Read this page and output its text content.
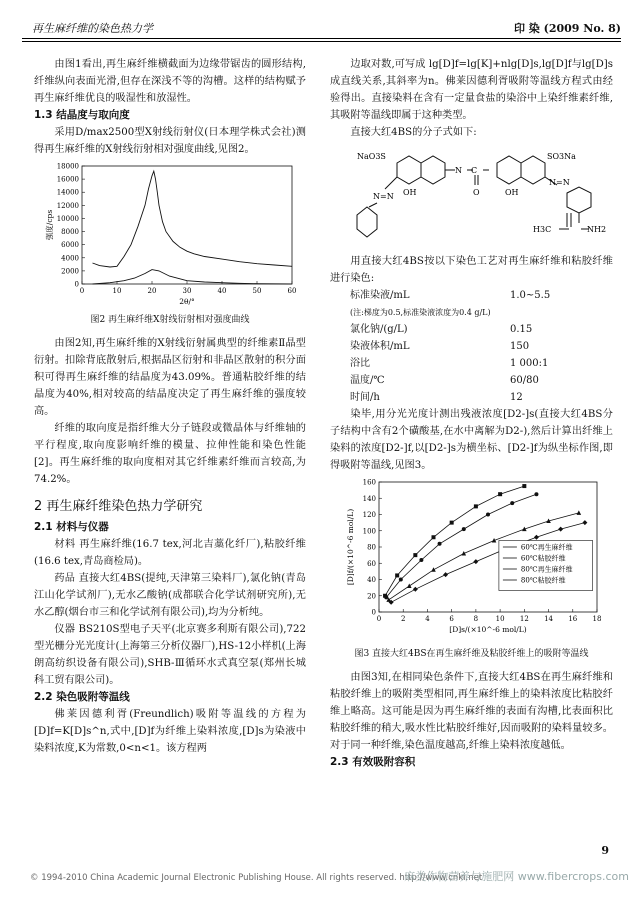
再生麻纤维的染色热力学	印 染 (2009 No. 8)

由图1看出,再生麻纤维横截面为边缘带锯齿的圆形结构,纤维纵向表面光滑,但存在深浅不等的沟槽。这样的结构赋予再生麻纤维优良的吸湿性和放湿性。

1.3 结晶度与取向度

采用D/max2500型X射线衍射仪(日本理学株式会社)测得再生麻纤维的X射线衍射相对强度曲线,见图2。

0	10	20	30	40	50	60
0
2000
4000
6000
8000
10000
12000
14000
16000
18000
2θ/°
强度/cps
图2 再生麻纤维X射线衍射相对强度曲线

由图2知,再生麻纤维的X射线衍射属典型的纤维素Ⅱ晶型衍射。扣除背底散射后,根据晶区衍射和非晶区散射的积分面积可得再生麻纤维的结晶度为43.09%。普通粘胶纤维的结晶度为40%,相对较高的结晶度决定了再生麻纤维的强度较高。

纤维的取向度是指纤维大分子链段或微晶体与纤维轴的平行程度,取向度影响纤维的模量、拉伸性能和染色性能[2]。再生麻纤维的取向度相对其它纤维素纤维而言较高,为74.2%。

2 再生麻纤维染色热力学研究
2.1 材料与仪器

材料 再生麻纤维(16.7 tex,河北吉藁化纤厂),粘胶纤维(16.6 tex,青岛商检局)。

药品 直接大红4BS(提纯,天津第三染料厂),氯化钠(青岛江山化学试剂厂),无水乙酸钠(成都联合化学试剂研究所),无水乙醇(烟台市三和化学试剂有限公司),均为分析纯。

仪器 BS210S型电子天平(北京赛多利斯有限公司),722型光栅分光光度计(上海第三分析仪器厂),HS-12小样机(上海朗高纺织设备有限公司),SHB-Ⅲ循环水式真空泵(郑州长城科工贸有限公司)。

2.2 染色吸附等温线

佛莱因德利胥(Freundlich)吸附等温线的方程为[D]f=K[D]s^n,式中,[D]f为纤维上染料浓度,[D]s为染液中染料浓度,K为常数,0<n<1。该方程两

边取对数,可写成 lg[D]f=lg[K]+nlg[D]s,lg[D]f与lg[D]s成直线关系,其斜率为n。佛莱因德利胥吸附等温线方程式由经验得出。直接染料在含有一定量食盐的染浴中上染纤维素纤维,其吸附等温线即属于这种类型。

直接大红4BS的分子式如下:

NaO3S	SO3Na
N C
O
OH	OH
N=N
N=N
H3C	NH2

用直接大红4BS按以下染色工艺对再生麻纤维和粘胶纤维进行染色:

标准染液/mL	1.0~5.5
(注:梯度为0.5,标准染液浓度为0.4 g/L)
氯化钠/(g/L)	0.15
染液体积/mL	150
浴比	1 000:1
温度/℃	60/80
时间/h	12

染毕,用分光光度计测出残液浓度[D2-]s(直接大红4BS分子结构中含有2个磺酸基,在水中离解为D2-),然后计算出纤维上染料的浓度[D2-]f,以[D2-]s为横坐标、[D2-]f为纵坐标作图,即得吸附等温线,见图3。

0	2	4	6	8	10 12 14 16 18
0
20
40
60
80
100
120
140
160
[D]s/(×10^-6 mol/L)
[D]f/(×10^-6 mol/L)	60℃再生麻纤维
60℃粘胶纤维
80℃再生麻纤维
80℃粘胶纤维
图3 直接大红4BS在再生麻纤维及粘胶纤维上的吸附等温线

由图3知,在相同染色条件下,直接大红4BS在再生麻纤维和粘胶纤维上的吸附类型相同,再生麻纤维上的染料浓度比粘胶纤维上略高。这可能是因为再生麻纤维的表面有沟槽,比表面积比粘胶纤维的稍大,吸水性比粘胶纤维好,因而吸附的染料量较多。对于同一种纤维,染色温度越高,纤维上染料浓度越低。

2.3 有效吸附容积
9
© 1994-2010 China Academic Journal Electronic Publishing House. All rights reserved. http://www.cnki.net
麻类作物营养与施肥网 www.fibercrops.com
